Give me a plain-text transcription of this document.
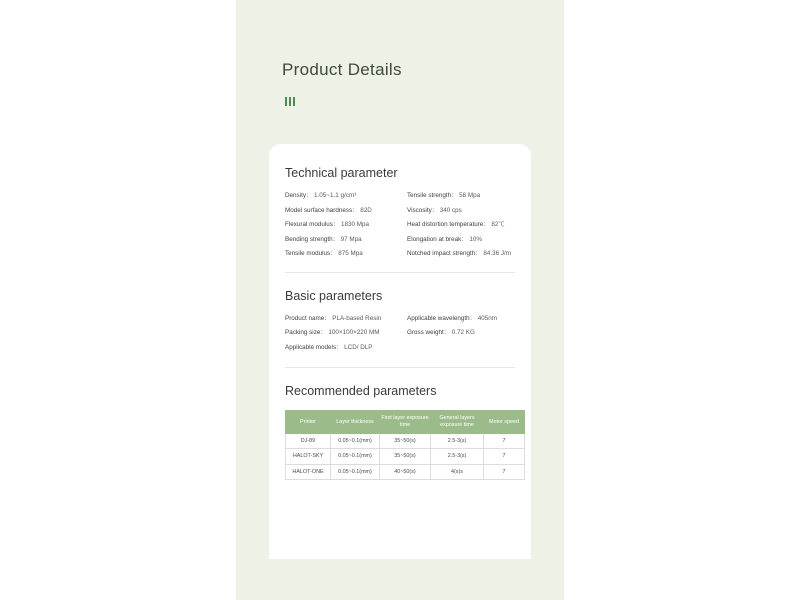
Product Details
Technical parameter
Density： 1.05~1.1 g/cm³	Tensile strength： 58 Mpa
Model surface hardness： 82D	Viscosity： 340 cps
Flexural modulus： 1830 Mpa	Heat distortion temperature： 82℃
Bending strength： 97 Mpa	Elongation at break： 10%
Tensile modulus： 875 Mpa	Notched impact strength： 84.36 J/m
Basic parameters
Product name： PLA-based Resin	Applicable wavelength： 405nm
Packing size： 100×100×220 MM	Gross weight： 0.72 KG
Applicable models： LCD/ DLP
Recommended parameters
Printer	Layer thickness	First layer exposure time	General layers exposure time	Motor speed
DJ-89	0.05~0.1(mm)	35~50(s)	2.5-3(s)	7
HALOT-SKY	0.05~0.1(mm)	35~50(s)	2.5-3(s)	7
HALOT-ONE	0.05~0.1(mm)	40~50(s)	4(s)s	7
